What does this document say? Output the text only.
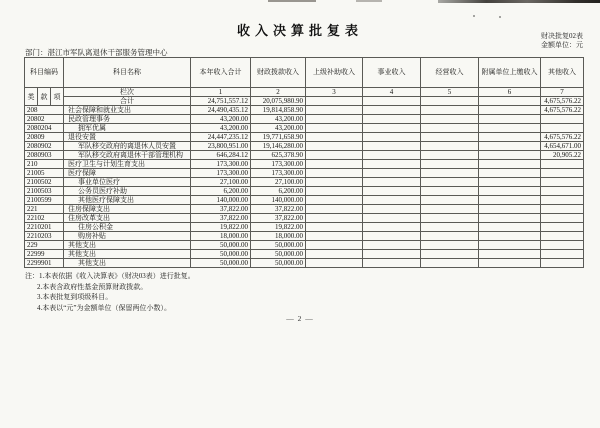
收入决算批复表	财决批复02表
金额单位：元
部门：湛江市军队离退休干部服务管理中心
科目编码			科目名称	本年收入合计	财政拨款收入	上级补助收入	事业收入	经营收入	附属单位上缴收入	其他收入
类	款	项	栏次	1	2	3	4	5	6	7
			合计	24,751,557.12	20,075,980.90					4,675,576.22
208			社会保障和就业支出	24,490,435.12	19,814,858.90					4,675,576.22
20802			民政管理事务	43,200.00	43,200.00					
2080204			拥军优属	43,200.00	43,200.00					
20809			退役安置	24,447,235.12	19,771,658.90					4,675,576.22
2080902			军队移交政府的离退休人员安置	23,800,951.00	19,146,280.00					4,654,671.00
2080903			军队移交政府离退休干部管理机构	646,284.12	625,378.90					20,905.22
210			医疗卫生与计划生育支出	173,300.00	173,300.00					
21005			医疗保障	173,300.00	173,300.00					
2100502			事业单位医疗	27,100.00	27,100.00					
2100503			公务员医疗补助	6,200.00	6,200.00					
2100599			其他医疗保障支出	140,000.00	140,000.00					
221			住房保障支出	37,822.00	37,822.00					
22102			住房改革支出	37,822.00	37,822.00					
2210201			住房公积金	19,822.00	19,822.00					
2210203			购房补贴	18,000.00	18,000.00					
229			其他支出	50,000.00	50,000.00					
22999			其他支出	50,000.00	50,000.00					
2299901			其他支出	50,000.00	50,000.00					
注：1.本表依据《收入决算表》（财决03表）进行批复。
2.本表含政府性基金预算财政拨款。
3.本表批复到项级科目。
4.本表以“元”为金额单位（保留两位小数）。
— 2 —
